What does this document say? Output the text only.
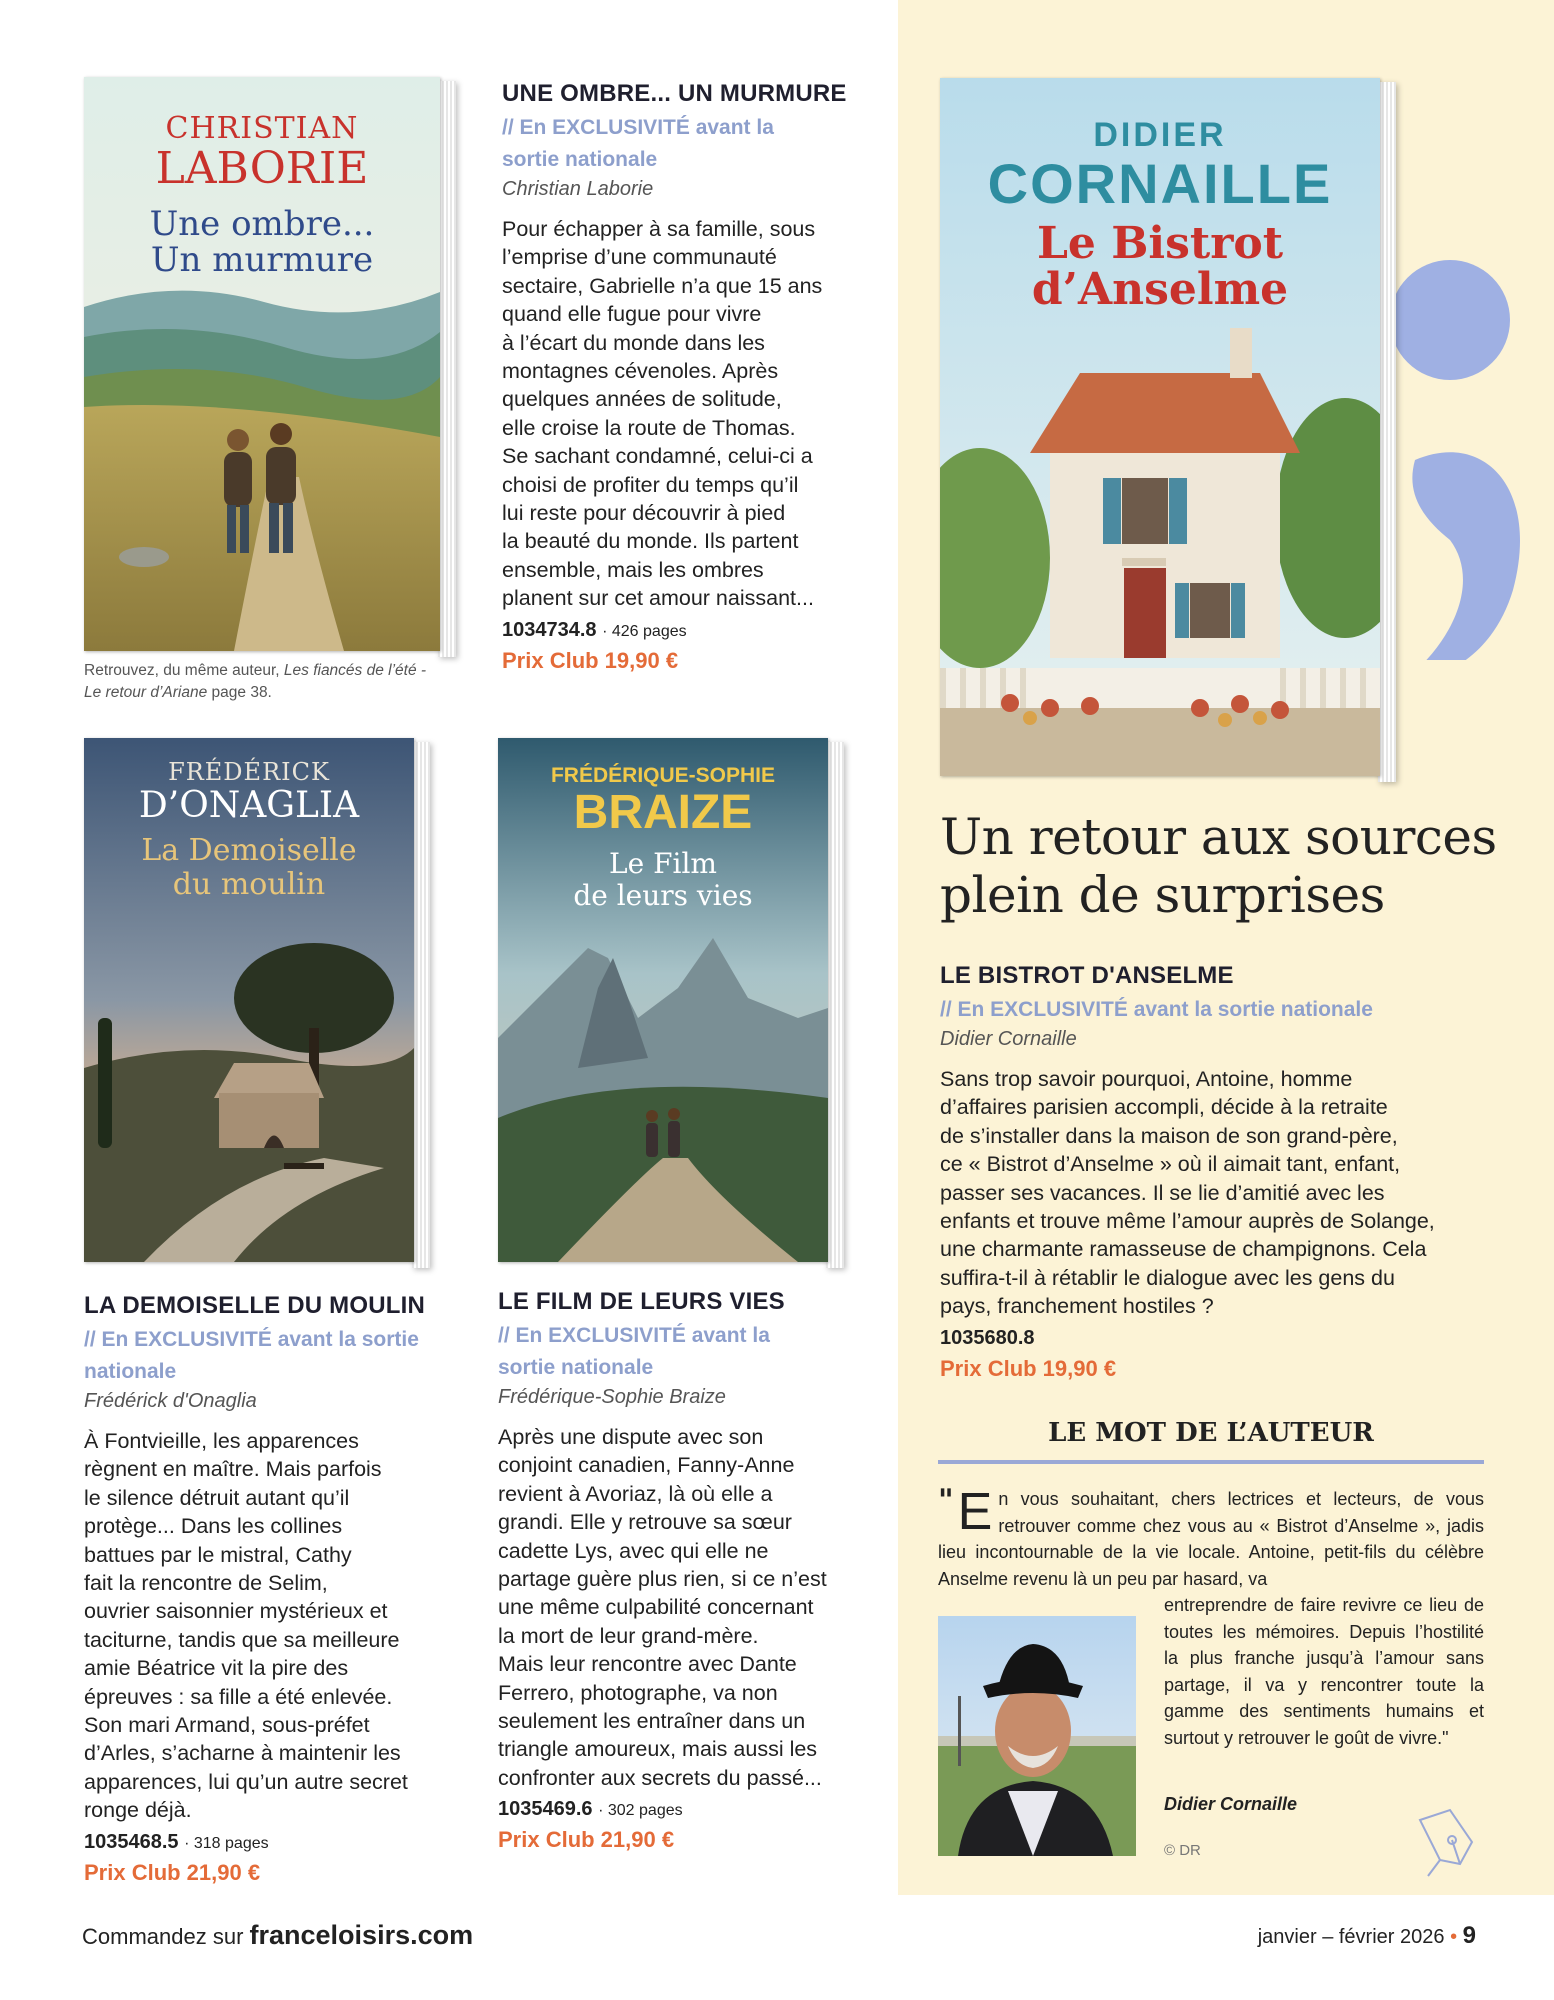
CHRISTIAN
LABORIE
Une ombre...
Un murmure
Retrouvez, du même auteur, Les fiancés de l’été -
Le retour d’Ariane page 38.
UNE OMBRE... UN MURMURE
// En EXCLUSIVITÉ avant la
sortie nationale
Christian Laborie
Pour échapper à sa famille, sous
l’emprise d’une communauté
sectaire, Gabrielle n’a que 15 ans
quand elle fugue pour vivre
à l’écart du monde dans les
montagnes cévenoles. Après
quelques années de solitude,
elle croise la route de Thomas.
Se sachant condamné, celui-ci a
choisi de profiter du temps qu’il
lui reste pour découvrir à pied
la beauté du monde. Ils partent
ensemble, mais les ombres
planent sur cet amour naissant...
1034734.8 · 426 pages
Prix Club 19,90 €
FRÉDÉRICK
D’ONAGLIA
La Demoiselle
du moulin
LA DEMOISELLE DU MOULIN
// En EXCLUSIVITÉ avant la sortie
nationale
Frédérick d'Onaglia
À Fontvieille, les apparences
règnent en maître. Mais parfois
le silence détruit autant qu’il
protège... Dans les collines
battues par le mistral, Cathy
fait la rencontre de Selim,
ouvrier saisonnier mystérieux et
taciturne, tandis que sa meilleure
amie Béatrice vit la pire des
épreuves : sa fille a été enlevée.
Son mari Armand, sous-préfet
d’Arles, s’acharne à maintenir les
apparences, lui qu’un autre secret
ronge déjà.
1035468.5 · 318 pages
Prix Club 21,90 €
FRÉDÉRIQUE-SOPHIE
BRAIZE
Le Film
de leurs vies
LE FILM DE LEURS VIES
// En EXCLUSIVITÉ avant la
sortie nationale
Frédérique-Sophie Braize
Après une dispute avec son
conjoint canadien, Fanny-Anne
revient à Avoriaz, là où elle a
grandi. Elle y retrouve sa sœur
cadette Lys, avec qui elle ne
partage guère plus rien, si ce n’est
une même culpabilité concernant
la mort de leur grand-mère.
Mais leur rencontre avec Dante
Ferrero, photographe, va non
seulement les entraîner dans un
triangle amoureux, mais aussi les
confronter aux secrets du passé...
1035469.6 · 302 pages
Prix Club 21,90 €
DIDIER
CORNAILLE
Le Bistrot
d’Anselme
Un retour aux sources
plein de surprises
LE BISTROT D'ANSELME
// En EXCLUSIVITÉ avant la sortie nationale
Didier Cornaille
Sans trop savoir pourquoi, Antoine, homme
d’affaires parisien accompli, décide à la retraite
de s’installer dans la maison de son grand-père,
ce « Bistrot d’Anselme » où il aimait tant, enfant,
passer ses vacances. Il se lie d’amitié avec les
enfants et trouve même l’amour auprès de Solange,
une charmante ramasseuse de champignons. Cela
suffira-t-il à rétablir le dialogue avec les gens du
pays, franchement hostiles ?
1035680.8
Prix Club 19,90 €
LE MOT DE L’AUTEUR
" E n vous souhaitant, chers lectrices et lecteurs, de vous retrouver comme chez vous au « Bistrot d’Anselme », jadis lieu incontournable de la vie locale. Antoine, petit-fils du célèbre Anselme revenu là un peu par hasard, va
entreprendre de faire revivre ce lieu de toutes les mémoires. Depuis l’hostilité la plus franche jusqu’à l’amour sans partage, il va y rencontrer toute la gamme des sentiments humains et surtout y retrouver le goût de vivre."
Didier Cornaille
© DR
Commandez sur franceloisirs.com	janvier – février 2026 • 9
